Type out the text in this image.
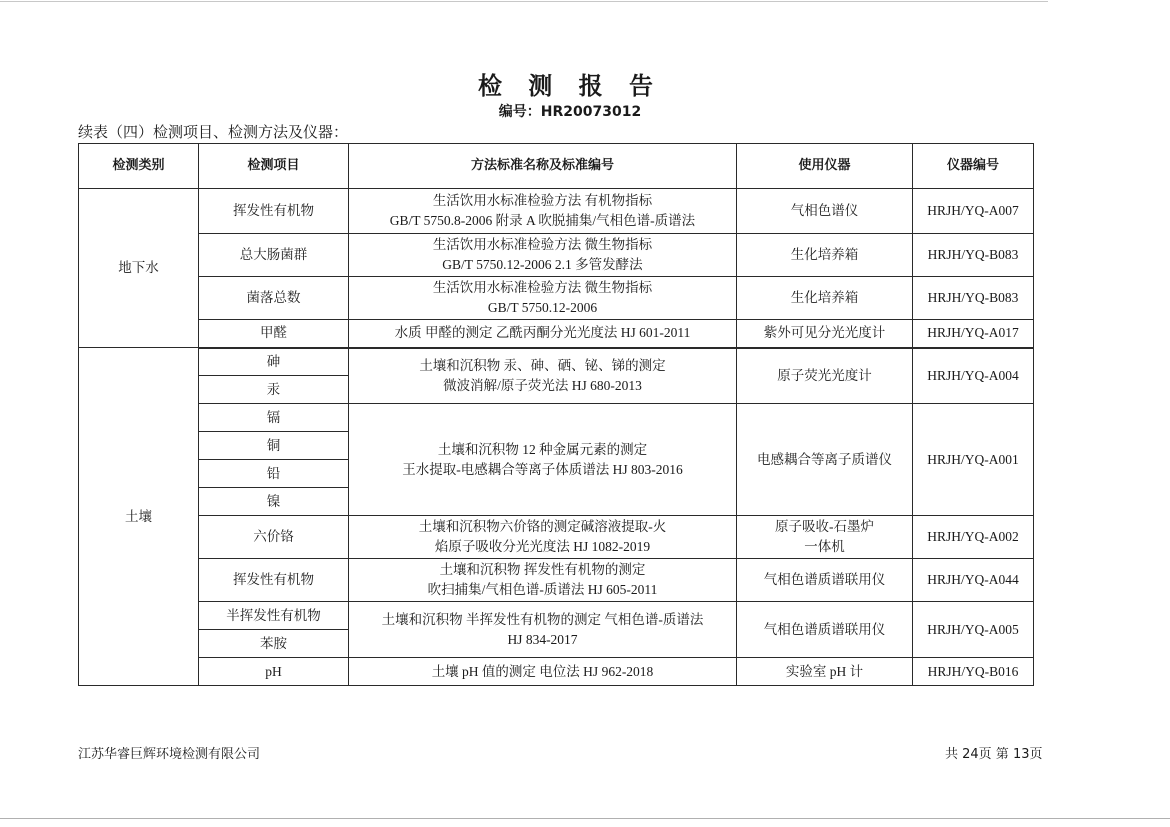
检 测 报 告
编号：HR20073012
续表（四）检测项目、检测方法及仪器：
检测类别	检测项目	方法标准名称及标准编号	使用仪器	仪器编号
地下水	挥发性有机物	生活饮用水标准检验方法 有机物指标
GB/T 5750.8-2006 附录 A 吹脱捕集/气相色谱-质谱法	气相色谱仪	HRJH/YQ-A007
	总大肠菌群	生活饮用水标准检验方法 微生物指标
GB/T 5750.12-2006 2.1 多管发酵法	生化培养箱	HRJH/YQ-B083
	菌落总数	生活饮用水标准检验方法 微生物指标
GB/T 5750.12-2006	生化培养箱	HRJH/YQ-B083
	甲醛	水质 甲醛的测定 乙酰丙酮分光光度法 HJ 601-2011	紫外可见分光光度计	HRJH/YQ-A017
土壤	砷	土壤和沉积物 汞、砷、硒、铋、锑的测定
微波消解/原子荧光法 HJ 680-2013	原子荧光光度计	HRJH/YQ-A004
	汞			
	镉	土壤和沉积物 12 种金属元素的测定
王水提取-电感耦合等离子体质谱法 HJ 803-2016	电感耦合等离子质谱仪	HRJH/YQ-A001
	铜			
	铅			
	镍			
	六价铬	土壤和沉积物六价铬的测定碱溶液提取-火
焰原子吸收分光光度法 HJ 1082-2019	原子吸收-石墨炉
一体机	HRJH/YQ-A002
	挥发性有机物	土壤和沉积物 挥发性有机物的测定
吹扫捕集/气相色谱-质谱法 HJ 605-2011	气相色谱质谱联用仪	HRJH/YQ-A044
	半挥发性有机物	土壤和沉积物 半挥发性有机物的测定 气相色谱-质谱法
HJ 834-2017	气相色谱质谱联用仪	HRJH/YQ-A005
	苯胺			
	pH	土壤 pH 值的测定 电位法 HJ 962-2018	实验室 pH 计	HRJH/YQ-B016
江苏华睿巨辉环境检测有限公司	共 24页 第 13页
